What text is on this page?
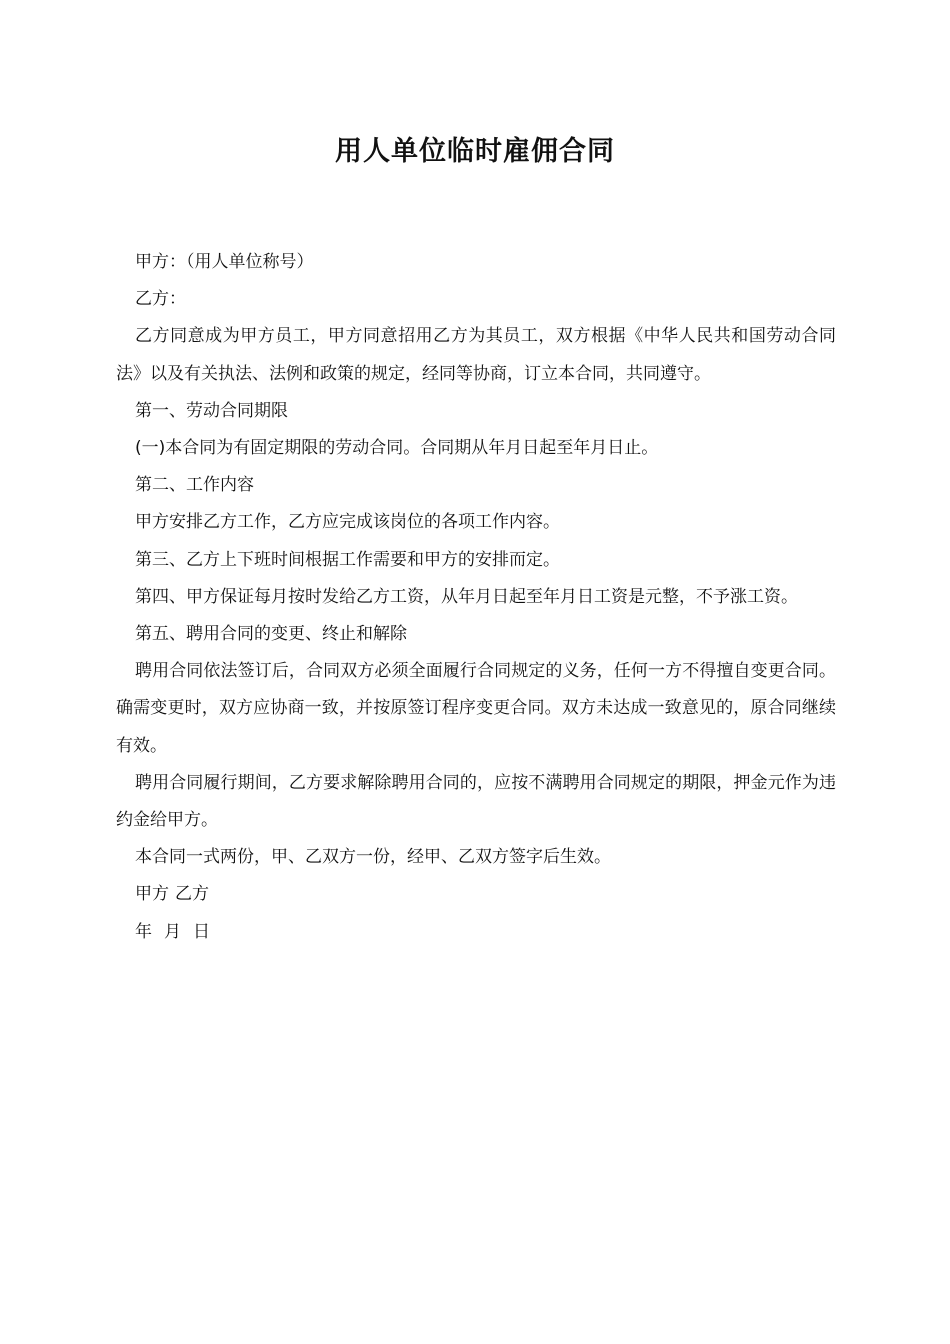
用人单位临时雇佣合同

甲方：（用人单位称号）

乙方：

乙方同意成为甲方员工，甲方同意招用乙方为其员工，双方根据《中华人民共和国劳动合同法》以及有关执法、法例和政策的规定，经同等协商，订立本合同，共同遵守。

第一、劳动合同期限

(一)本合同为有固定期限的劳动合同。合同期从年月日起至年月日止。

第二、工作内容

甲方安排乙方工作，乙方应完成该岗位的各项工作内容。

第三、乙方上下班时间根据工作需要和甲方的安排而定。

第四、甲方保证每月按时发给乙方工资，从年月日起至年月日工资是元整，不予涨工资。

第五、聘用合同的变更、终止和解除

聘用合同依法签订后，合同双方必须全面履行合同规定的义务，任何一方不得擅自变更合同。确需变更时，双方应协商一致，并按原签订程序变更合同。双方未达成一致意见的，原合同继续有效。

聘用合同履行期间，乙方要求解除聘用合同的，应按不满聘用合同规定的期限，押金元作为违约金给甲方。

本合同一式两份，甲、乙双方一份，经甲、乙双方签字后生效。

甲方 乙方

年 月 日
